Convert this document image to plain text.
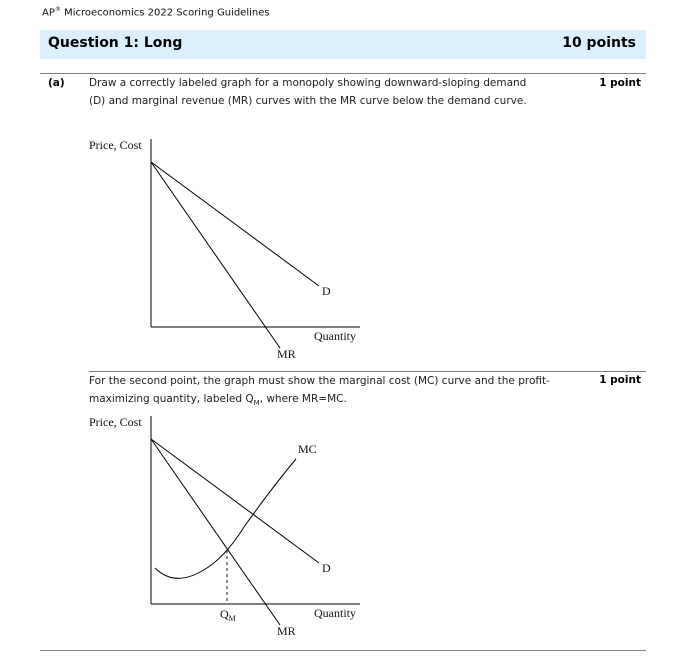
AP® Microeconomics 2022 Scoring Guidelines
Question 1: Long	10 points
(a) Draw a correctly labeled graph for a monopoly showing downward-sloping demand (D) and marginal revenue (MR) curves with the MR curve below the demand curve.
1 point
Price, Cost
D
Quantity
MR
For the second point, the graph must show the marginal cost (MC) curve and the profit-maximizing quantity, labeled $Q_M$, where MR=MC.
1 point
Price, Cost
MC
D
Quantity
$Q_M$
MR
